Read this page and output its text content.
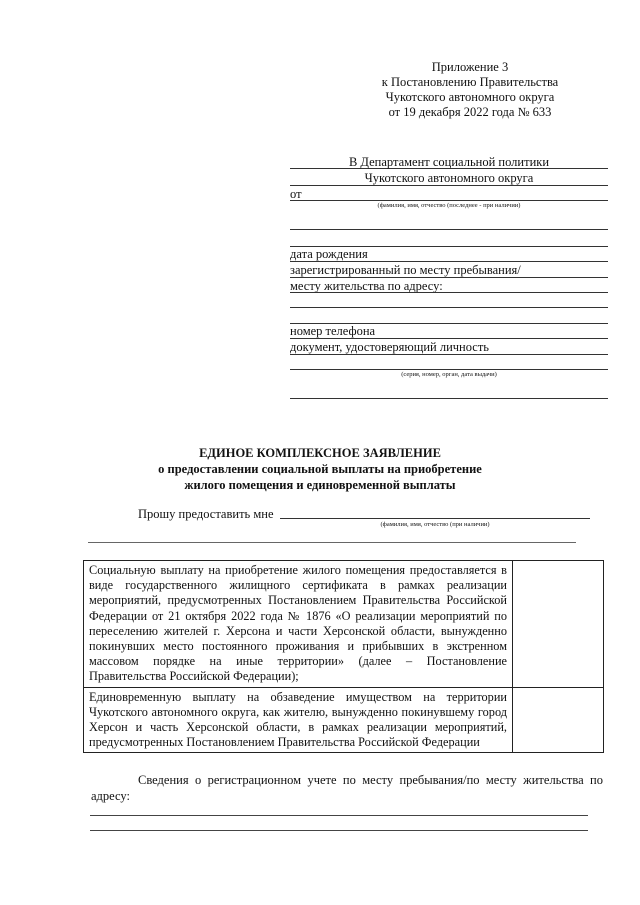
Приложение 3
к Постановлению Правительства
Чукотского автономного округа
от 19 декабря 2022 года № 633
В Департамент социальной политики
Чукотского автономного округа
от
(фамилия, имя, отчество (последнее - при наличии)
дата рождения
зарегистрированный по месту пребывания/
месту жительства по адресу:
номер телефона
документ, удостоверяющий личность
(серия, номер, орган, дата выдачи)
ЕДИНОЕ КОМПЛЕКСНОЕ ЗАЯВЛЕНИЕ
о предоставлении социальной выплаты на приобретение
жилого помещения и единовременной выплаты
Прошу предоставить мне
(фамилия, имя, отчество (при наличии)
Социальную выплату на приобретение жилого помещения предоставляется в виде государственного жилищного сертификата в рамках реализации мероприятий, предусмотренных Постановлением Правительства Российской Федерации от 21 октября 2022 года № 1876 «О реализации мероприятий по переселению жителей г. Херсона и части Херсонской области, вынужденно покинувших место постоянного проживания и прибывших в экстренном массовом порядке на иные территории» (далее – Постановление Правительства Российской Федерации);	
Единовременную выплату на обзаведение имуществом на территории Чукотского автономного округа, как жителю, вынужденно покинувшему город Херсон и часть Херсонской области, в рамках реализации мероприятий, предусмотренных Постановлением Правительства Российской Федерации	
Сведения о регистрационном учете по месту пребывания/по месту жительства по адресу:
